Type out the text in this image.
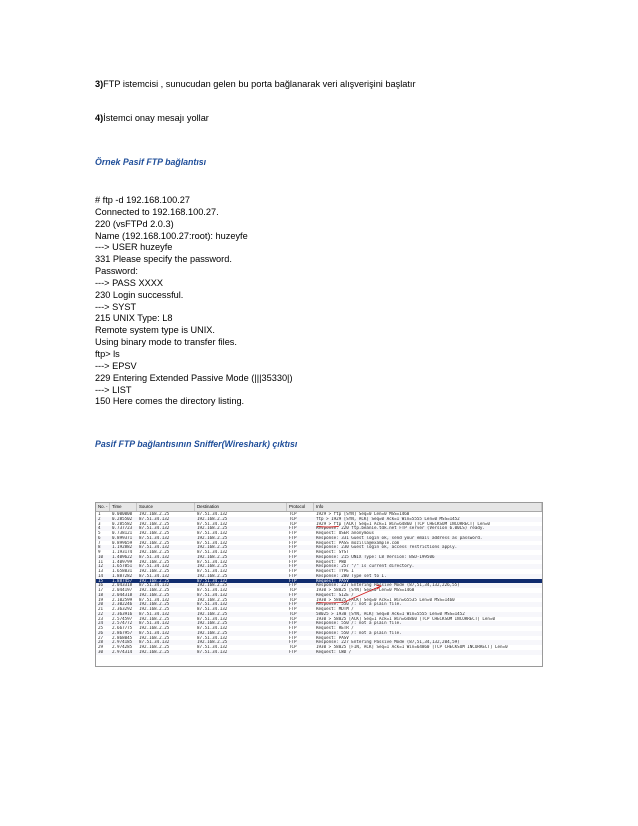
3)FTP istemcisi , sunucudan gelen bu porta bağlanarak veri alışverişini başlatır
4)İstemci onay mesajı yollar
Örnek Pasif FTP bağlantısı
# ftp -d 192.168.100.27
Connected to 192.168.100.27.
220 (vsFTPd 2.0.3)
Name (192.168.100.27:root): huzeyfe
---> USER huzeyfe
331 Please specify the password.
Password:
---> PASS XXXX
230 Login successful.
---> SYST
215 UNIX Type: L8
Remote system type is UNIX.
Using binary mode to transfer files.
ftp> ls
---> EPSV
229 Entering Extended Passive Mode (|||35330|)
---> LIST
150 Here comes the directory listing.
Pasif FTP bağlantısının Sniffer(Wireshark) çıktısı
No. -	Time	Source	Destination	Protocol	Info
1	0.000000	192.168.2.25	87.51.34.132	TCP	1929 > ftp [SYN] Seq=0 Len=0 MSS=1460
2	0.285502	87.51.34.132	192.168.2.25	TCP	ftp > 1929 [SYN, ACK] Seq=0 Ack=1 Win=5555 Len=0 MSS=1452
3	0.285582	192.168.2.25	87.51.34.132	TCP	1929 > ftp [ACK] Seq=1 Ack=1 Win=64860 [TCP CHECKSUM INCORRECT] Len=0
4	0.737723	87.51.34.132	192.168.2.25	FTP	Response: 220 ftp.beanie.tdk.net FTP server (Version 6.00LS) ready.
5	0.738121	192.168.2.25	87.51.34.132	FTP	Request: USER anonymous
6	0.899371	87.51.34.132	192.168.2.25	FTP	Response: 331 Guest login ok, send your email address as password.
7	0.899659	192.168.2.25	87.51.34.132	FTP	Request: PASS mozilla@example.com
8	1.192882	87.51.34.132	192.168.2.25	FTP	Response: 230 Guest login ok, access restrictions apply.
9	1.193174	192.168.2.25	87.51.34.132	FTP	Request: SYST
10	1.409622	87.51.34.132	192.168.2.25	FTP	Response: 215 UNIX Type: L8 Version: BSD-199506
11	1.409799	192.168.2.25	87.51.34.132	FTP	Request: PWD
12	1.657851	87.51.34.132	192.168.2.25	FTP	Response: 257 "/" is current directory.
13	1.658031	192.168.2.25	87.51.34.132	FTP	Request: TYPE I
14	1.887282	87.51.34.132	192.168.2.25	FTP	Response: 200 Type set to I.
15	1.887457	192.168.2.25	87.51.34.132	FTP	Request: PASV
16	2.043318	87.51.34.132	192.168.2.25	FTP	Response: 227 Entering Passive Mode (87,51,34,132,226,55)
17	2.044197	192.168.2.25	87.51.34.132	TCP	1930 > 58025 [SYN] Seq=0 Len=0 MSS=1460
18	2.044318	192.168.2.25	87.51.34.132	FTP	Request: SIZE /
19	2.102599	87.51.34.132	192.168.2.25	TCP	1930 > 58025 [ACK] Seq=0 Ack=1 Win=65535 Len=0 MSS=1460
20	2.302246	192.168.2.25	87.51.34.132	FTP	Response: 550 /: not a plain file.
21	2.363292	192.168.2.25	87.51.34.132	FTP	Request: MDTM /
22	2.363916	87.51.34.132	192.168.2.25	TCP	58025 > 1930 [SYN, ACK] Seq=0 Ack=1 Win=5555 Len=0 MSS=1452
23	2.574597	192.168.2.25	87.51.34.132	TCP	1930 > 58025 [ACK] Seq=1 Ack=1 Win=64860 [TCP CHECKSUM INCORRECT] Len=0
24	2.574772	87.51.34.132	192.168.2.25	FTP	Response: 550 /: not a plain file.
25	2.667775	192.168.2.25	87.51.34.132	FTP	Request: RETR /
26	2.867957	87.51.34.132	192.168.2.25	FTP	Response: 550 /: not a plain file.
27	2.868045	192.168.2.25	87.51.34.132	FTP	Request: PASV
28	2.974185	87.51.34.132	192.168.2.25	FTP	Response: 227 Entering Passive Mode (87,51,34,132,204,59)
29	2.974285	192.168.2.25	87.51.34.132	TCP	1930 > 58025 [FIN, ACK] Seq=1 Ack=1 Win=64860 [TCP CHECKSUM INCORRECT] Len=0
30	2.974314	192.168.2.25	87.51.34.132	FTP	Request: CWD /
